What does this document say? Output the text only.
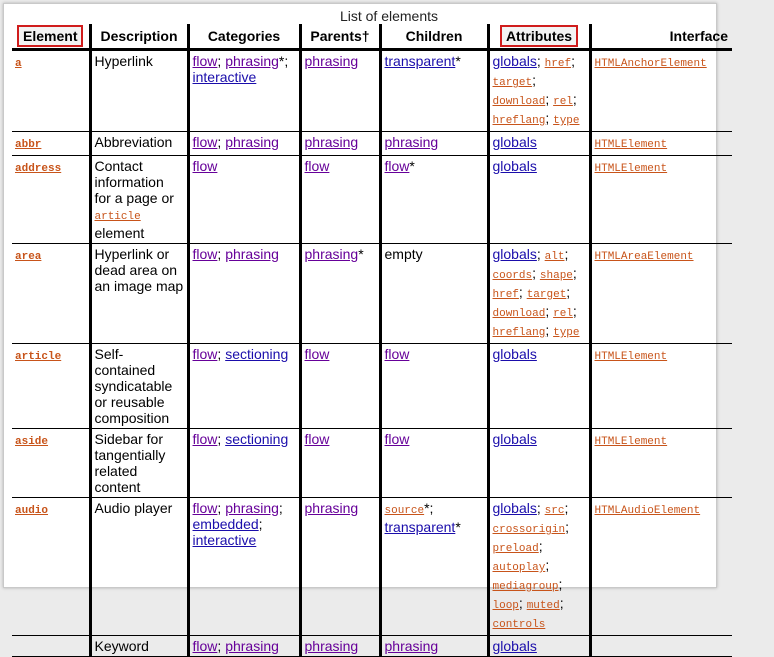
List of elements
Element	Description	Categories	Parents†	Children	Attributes	Interface
a	Hyperlink	flow; phrasing*; interactive	phrasing	transparent*	globals; href; target; download; rel; hreflang; type	HTMLAnchorElement
abbr	Abbreviation	flow; phrasing	phrasing	phrasing	globals	HTMLElement
address	Contact information for a page or article element	flow	flow	flow*	globals	HTMLElement
area	Hyperlink or dead area on an image map	flow; phrasing	phrasing*	empty	globals; alt; coords; shape; href; target; download; rel; hreflang; type	HTMLAreaElement
article	Self-contained syndicatable or reusable composition	flow; sectioning	flow	flow	globals	HTMLElement
aside	Sidebar for tangentially related content	flow; sectioning	flow	flow	globals	HTMLElement
audio	Audio player	flow; phrasing; embedded; interactive	phrasing	source*; transparent*	globals; src; crossorigin; preload; autoplay; mediagroup; loop; muted; controls	HTMLAudioElement
	Keyword	flow; phrasing	phrasing	phrasing	globals	
